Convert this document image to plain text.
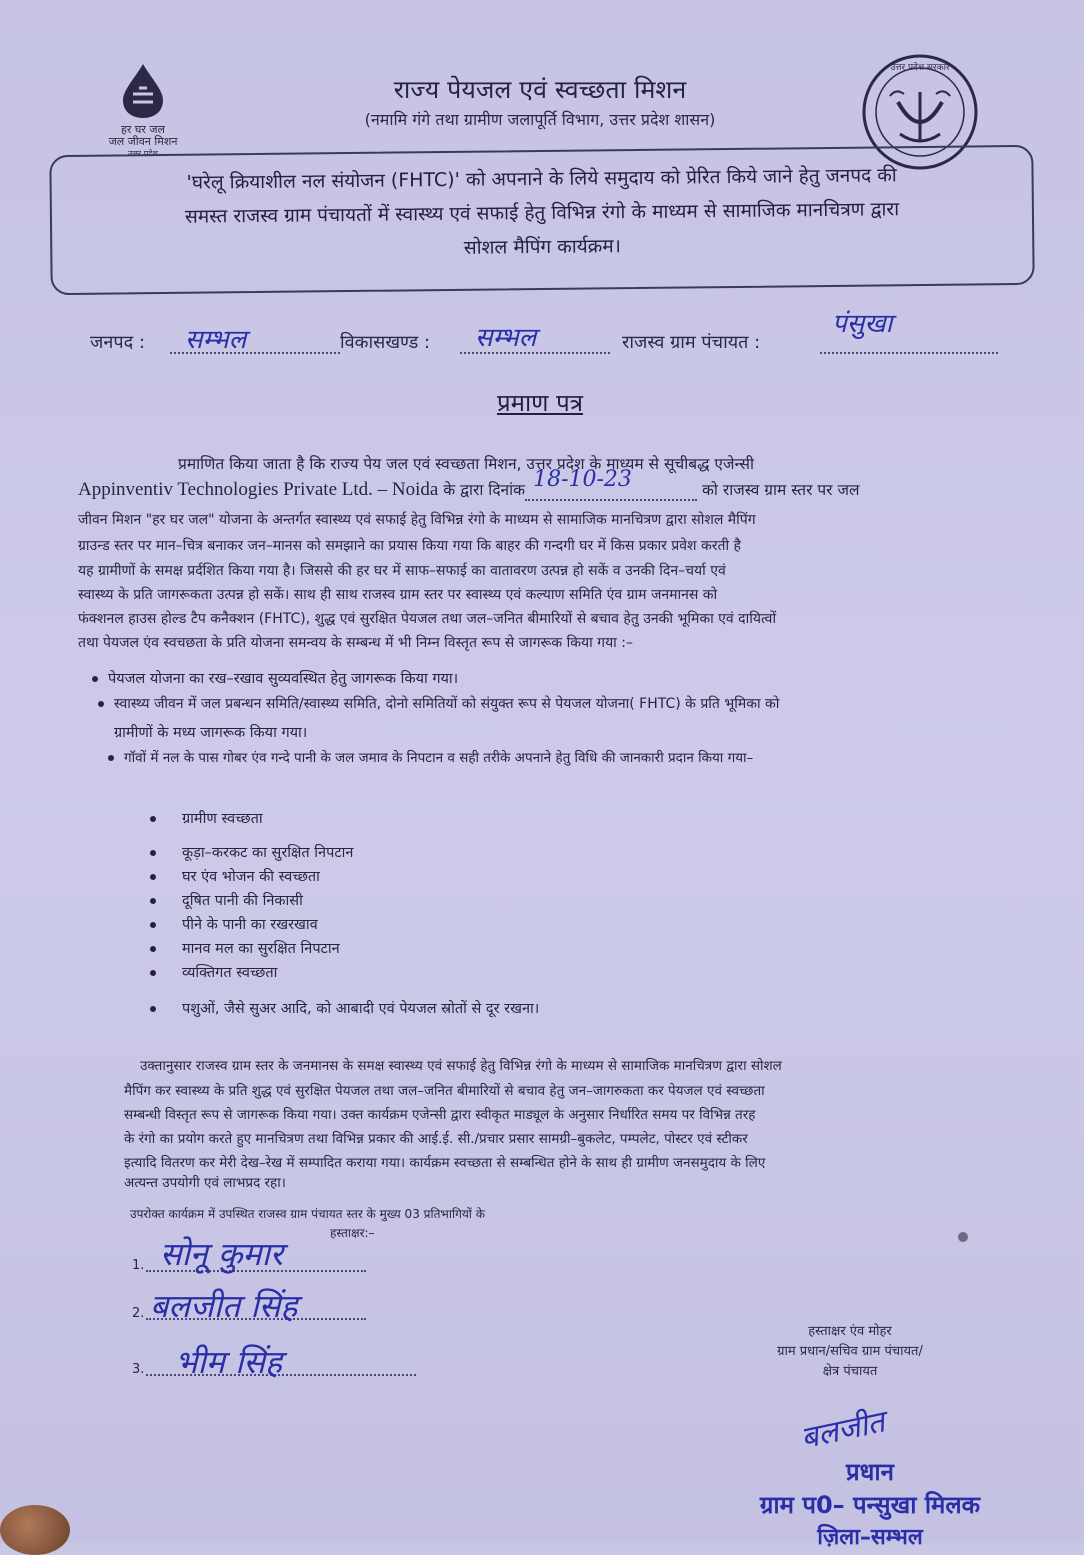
हर घर जल
जल जीवन मिशन
उत्तर प्रदेश
राज्य पेयजल एवं स्वच्छता मिशन
(नमामि गंगे तथा ग्रामीण जलापूर्ति विभाग, उत्तर प्रदेश शासन)
उत्तर प्रदेश सरकार
'घरेलू क्रियाशील नल संयोजन (FHTC)' को अपनाने के लिये समुदाय को प्रेरित किये जाने हेतु जनपद की
समस्त राजस्व ग्राम पंचायतों में स्वास्थ्य एवं सफाई हेतु विभिन्न रंगो के माध्यम से सामाजिक मानचित्रण द्वारा
सोशल मैपिंग कार्यक्रम।
जनपद : सम्भल	विकासखण्ड : सम्भल	राजस्व ग्राम पंचायत :
पंसुखा
प्रमाण पत्र
प्रमाणित किया जाता है कि राज्य पेय जल एवं स्वच्छता मिशन, उत्तर प्रदेश के माध्यम से सूचीबद्ध एजेन्सी
Appinventiv Technologies Private Ltd. – Noida के द्वारा दिनांक 18-10-23	को राजस्व ग्राम स्तर पर जल
जीवन मिशन "हर घर जल" योजना के अन्तर्गत स्वास्थ्य एवं सफाई हेतु विभिन्न रंगो के माध्यम से सामाजिक मानचित्रण द्वारा सोशल मैपिंग
ग्राउन्ड स्तर पर मान–चित्र बनाकर जन–मानस को समझाने का प्रयास किया गया कि बाहर की गन्दगी घर में किस प्रकार प्रवेश करती है
यह ग्रामीणों के समक्ष प्रर्दशित किया गया है। जिससे की हर घर में साफ–सफाई का वातावरण उत्पन्न हो सकें व उनकी दिन–चर्या एवं
स्वास्थ्य के प्रति जागरूकता उत्पन्न हो सकें। साथ ही साथ राजस्व ग्राम स्तर पर स्वास्थ्य एवं कल्याण समिति एंव ग्राम जनमानस को
फंक्शनल हाउस होल्ड टैप कनैक्शन (FHTC), शुद्ध एवं सुरक्षित पेयजल तथा जल–जनित बीमारियों से बचाव हेतु उनकी भूमिका एवं दायित्वों
तथा पेयजल एंव स्वचछता के प्रति योजना समन्वय के सम्बन्ध में भी निम्न विस्तृत रूप से जागरूक किया गया :–
पेयजल योजना का रख–रखाव सुव्यवस्थित हेतु जागरूक किया गया।
स्वास्थ्य जीवन में जल प्रबन्धन समिति/स्वास्थ्य समिति, दोनो समितियों को संयुक्त रूप से पेयजल योजना( FHTC) के प्रति भूमिका को
ग्रामीणों के मध्य जागरूक किया गया।
गॉवों में नल के पास गोबर एंव गन्दे पानी के जल जमाव के निपटान व सही तरीके अपनाने हेतु विधि की जानकारी प्रदान किया गया–
ग्रामीण स्वच्छता
कूड़ा–करकट का सुरक्षित निपटान
घर एंव भोजन की स्वच्छता
दूषित पानी की निकासी
पीने के पानी का रखरखाव
मानव मल का सुरक्षित निपटान
व्यक्तिगत स्वच्छता
पशुओं, जैसे सुअर आदि, को आबादी एवं पेयजल स्रोतों से दूर रखना।
उक्तानुसार राजस्व ग्राम स्तर के जनमानस के समक्ष स्वास्थ्य एवं सफाई हेतु विभिन्न रंगो के माध्यम से सामाजिक मानचित्रण द्वारा सोशल
मैपिंग कर स्वास्थ्य के प्रति शुद्ध एवं सुरक्षित पेयजल तथा जल–जनित बीमारियों से बचाव हेतु जन–जागरुकता कर पेयजल एवं स्वच्छता
सम्बन्धी विस्तृत रूप से जागरूक किया गया। उक्त कार्यक्रम एजेन्सी द्वारा स्वीकृत माड्यूल के अनुसार निर्धारित समय पर विभिन्न तरह
के रंगो का प्रयोग करते हुए मानचित्रण तथा विभिन्न प्रकार की आई.ई. सी./प्रचार प्रसार सामग्री–बुकलेट, पम्पलेट, पोस्टर एवं स्टीकर
इत्यादि वितरण कर मेरी देख–रेख में सम्पादित कराया गया। कार्यक्रम स्वच्छता से सम्बन्धित होने के साथ ही ग्रामीण जनसमुदाय के लिए
अत्यन्त उपयोगी एवं लाभप्रद रहा।
उपरोक्त कार्यक्रम में उपस्थित राजस्व ग्राम पंचायत स्तर के मुख्य 03 प्रतिभागियों के
हस्ताक्षर:–
1. सोनू कुमार
2. बलजीत सिंह
3. भीम सिंह
हस्ताक्षर एंव मोहर
ग्राम प्रधान/सचिव ग्राम पंचायत/
क्षेत्र पंचायत
बलजीत
प्रधान
ग्राम प0– पन्सुखा मिलक
ज़िला–सम्भल
